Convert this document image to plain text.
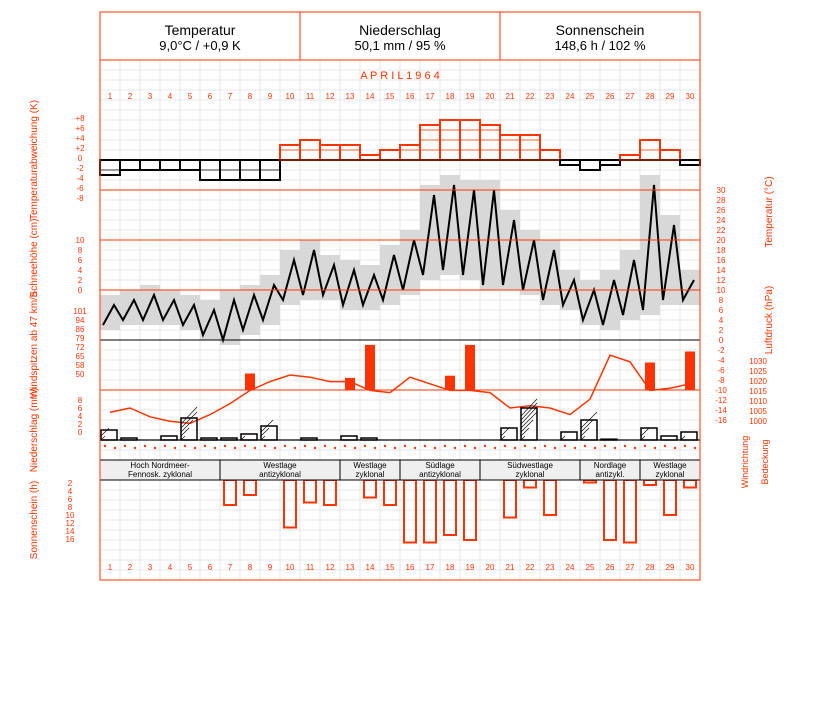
Temperatur
9,0°C / +0,9 K
Niederschlag
50,1 mm / 95 %
Sonnenschein
148,6 h / 102 %
A P R I L 1 9 6 4
1
1
2
2
3
3
4
4
5
5
6
6
7
7
8
8
9
9
10
10
11
11
12
12
13
13
14
14
15
15
16
16
17
17
18
18
19
19
20
20
21
21
22
22
23
23
24
24
25
25
26
26
27
27
28
28
29
29
30
30
+8
+6
+4
+2
0
-2
-4
-6
-8
30
28
26
24
22
20
18
16
14
12
10
8
6
4
2
0
-2
-4
-6
-8
-10
-12
-14
-16
10
8
6
4
2
0
1030
1025
1020
1015
1010
1005
1000
101
94
86
79
72
65
58
50
8
6
4
2
0
Hoch Nordmeer-
Fennosk. zyklonal
Westlage
antizyklonal
Westlage
zyklonal
Südlage
antizyklonal
Südwestlage
zyklonal
Nordlage
antizykl.
Westlage
zyklonal	Windrichtung Bedeckung
2
4
6
8
10
12
14
16
Temperaturabweichung (K)
Schneehöhe (cm)
Windspitzen ab 47 km/h
Niederschlag (mm)
Sonnenschein (h)
Temperatur (°C)
Luftdruck (hPa)
